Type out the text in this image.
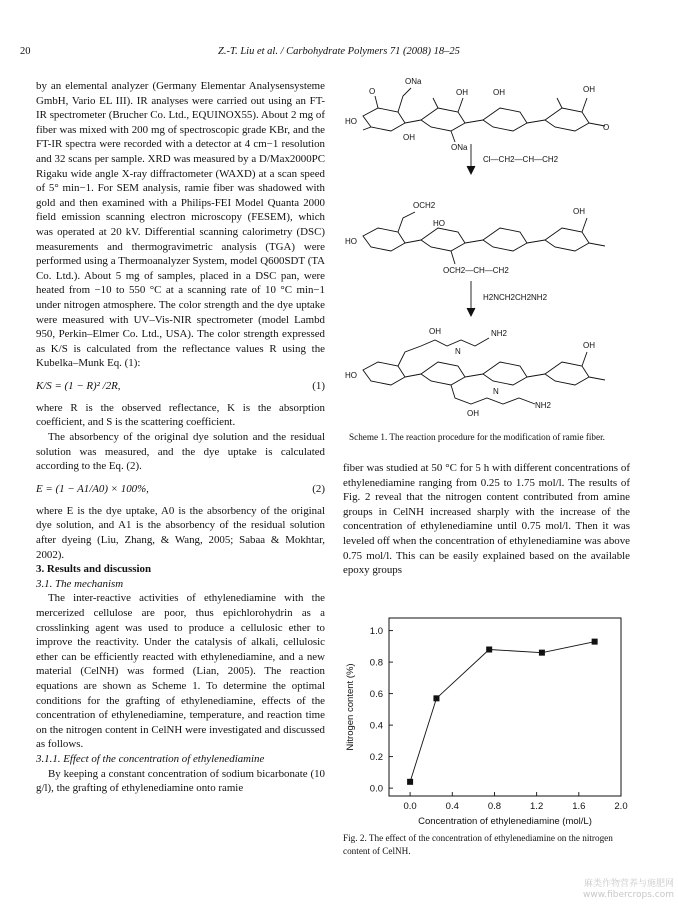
20	Z.-T. Liu et al. / Carbohydrate Polymers 71 (2008) 18–25

by an elemental analyzer (Germany Elementar Analysensysteme GmbH, Vario EL III). IR analyses were carried out using an FT-IR spectrometer (Brucher Co. Ltd., EQUINOX55). About 2 mg of fiber was mixed with 200 mg of spectroscopic grade KBr, and the FT-IR spectra were recorded with a detector at 4 cm−1 resolution and 32 scans per sample. XRD was measured by a D/Max2000PC Rigaku wide angle X-ray diffractometer (WAXD) at a scan speed of 5° min−1. For SEM analysis, ramie fiber was shadowed with gold and then examined with a Philips-FEI Model Quanta 2000 field emission scanning electron microscopy (FESEM), which was operated at 20 kV. Differential scanning calorimetry (DSC) measurements and thermogravimetric analysis (TGA) were performed using a Thermoanalyzer System, model Q600SDT (TA Co. Ltd.). About 5 mg of samples, placed in a DSC pan, were heated from −10 to 550 °C at a scanning rate of 10 °C min−1 under nitrogen atmosphere. The color strength and the dye uptake were measured with UV–Vis-NIR spectrometer (model Lambd 950, Perkin–Elmer Co. Ltd., USA). The color strength expressed as K/S is calculated from the reflectance values R using the Kubelka–Munk Eq. (1):

K/S = (1 − R)² /2R,	(1)

where R is the observed reflectance, K is the absorption coefficient, and S is the scattering coefficient.

The absorbency of the original dye solution and the residual solution was measured, and the dye uptake is calculated according to the Eq. (2).

E = (1 − A1/A0) × 100%,	(2)

where E is the dye uptake, A0 is the absorbency of the original dye solution, and A1 is the absorbency of the residual solution after dyeing (Liu, Zhang, & Wang, 2005; Sabaa & Mokhtar, 2002).

3. Results and discussion

3.1. The mechanism

The inter-reactive activities of ethylenediamine with the mercerized cellulose are poor, thus epichlorohydrin as a crosslinking agent was used to produce a cellulosic ether to improve the reactivity. Under the catalysis of alkali, cellulosic ether can be efficiently reacted with ethylenediamine, and a new material (CelNH) was formed (Lian, 2005). The reaction equations are shown as Scheme 1. To determine the optimal conditions for the grafting of ethylenediamine, effects of the concentration of ethylenediamine, temperature, and reaction time on the nitrogen content in CelNH were investigated and discussed as follows.

3.1.1. Effect of the concentration of ethylenediamine

By keeping a constant concentration of sodium bicarbonate (10 g/l), the grafting of ethylenediamine onto ramie

ONa
O
HO
OH
OH
OH
ONa
OH
O
Cl—CH2—CH—CH2
OCH2
HO
HO
OH
OCH2—CH—CH2
H2NCH2CH2NH2
OH
N
NH2
HO
OH
N
NH2
OH
Scheme 1. The reaction procedure for the modification of ramie fiber.

fiber was studied at 50 °C for 5 h with different concentrations of ethylenediamine ranging from 0.25 to 1.75 mol/l. The results of Fig. 2 reveal that the nitrogen content contributed from amine groups in CelNH increased sharply with the increase of the concentration of ethylenediamine until 0.75 mol/l. Then it was leveled off when the concentration of ethylenediamine was above 0.75 mol/l. This can be easily explained based on the available epoxy groups

0.0	0.4	0.8	1.2	1.6	2.0
0.0
0.2
0.4
0.6
0.8
1.0
Concentration of ethylenediamine (mol/L)
Nitrogen content (%)
Fig. 2. The effect of the concentration of ethylenediamine on the nitrogen content of CelNH.
麻类作物营养与施肥网
www.fibercrops.com
